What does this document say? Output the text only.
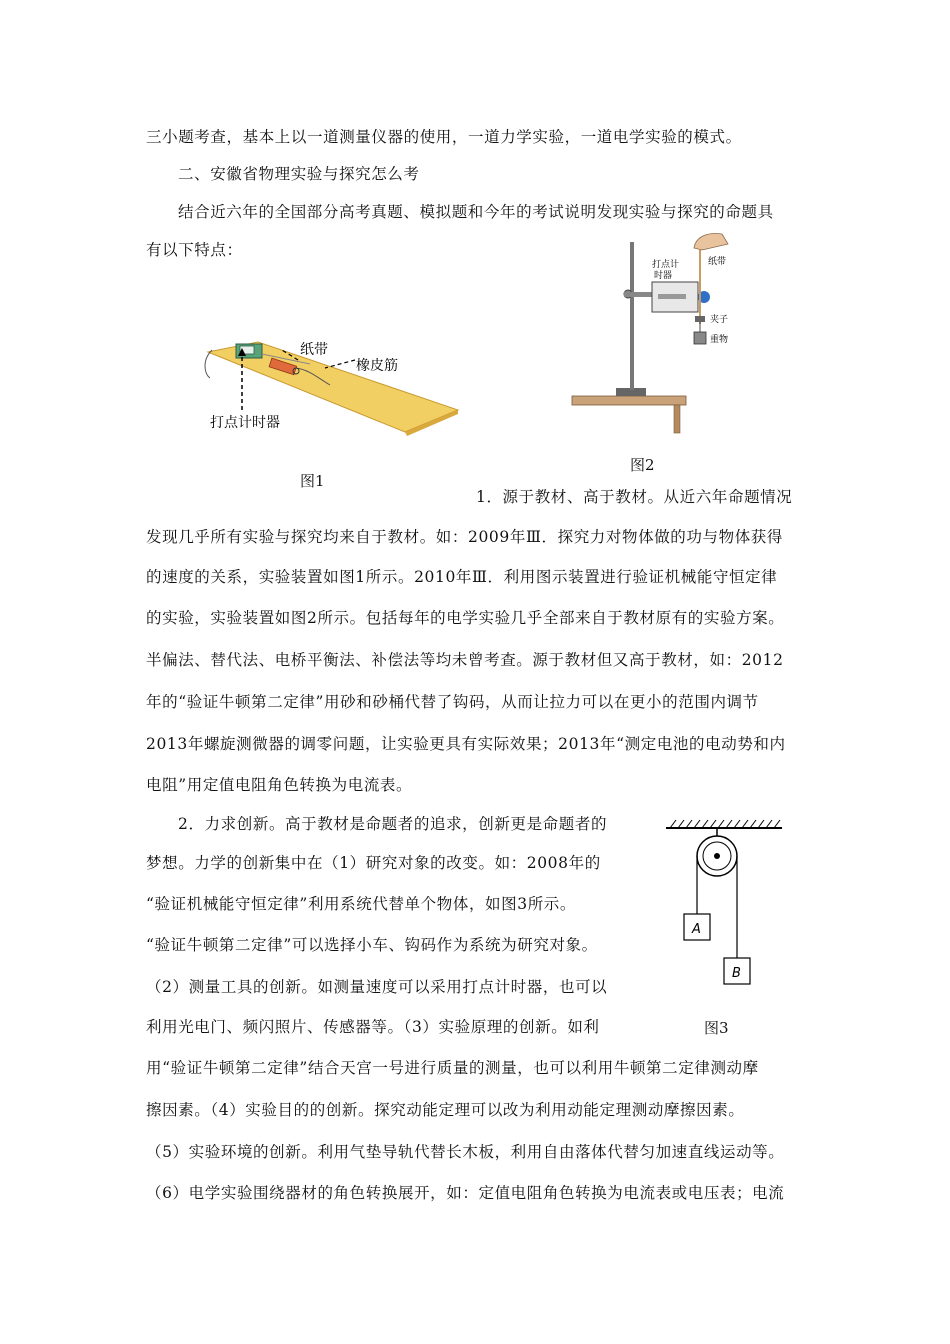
三小题考查，基本上以一道测量仪器的使用，一道力学实验，一道电学实验的模式。
二、安徽省物理实验与探究怎么考
结合近六年的全国部分高考真题、模拟题和今年的考试说明发现实验与探究的命题具
有以下特点：
1．源于教材、高于教材。从近六年命题情况
发现几乎所有实验与探究均来自于教材。如：2009年Ⅲ．探究力对物体做的功与物体获得
的速度的关系，实验装置如图1所示。2010年Ⅲ．利用图示装置进行验证机械能守恒定律
的实验，实验装置如图2所示。包括每年的电学实验几乎全部来自于教材原有的实验方案。
半偏法、替代法、电桥平衡法、补偿法等均未曾考查。源于教材但又高于教材，如：2012
年的“验证牛顿第二定律”用砂和砂桶代替了钩码，从而让拉力可以在更小的范围内调节
2013年螺旋测微器的调零问题，让实验更具有实际效果；2013年“测定电池的电动势和内
电阻”用定值电阻角色转换为电流表。
2．力求创新。高于教材是命题者的追求，创新更是命题者的
梦想。力学的创新集中在（1）研究对象的改变。如：2008年的
“验证机械能守恒定律”利用系统代替单个物体，如图3所示。
“验证牛顿第二定律”可以选择小车、钩码作为系统为研究对象。
（2）测量工具的创新。如测量速度可以采用打点计时器，也可以
利用光电门、频闪照片、传感器等。（3）实验原理的创新。如利
用“验证牛顿第二定律”结合天宫一号进行质量的测量，也可以利用牛顿第二定律测动摩
擦因素。（4）实验目的的创新。探究动能定理可以改为利用动能定理测动摩擦因素。
（5）实验环境的创新。利用气垫导轨代替长木板，利用自由落体代替匀加速直线运动等。
（6）电学实验围绕器材的角色转换展开，如：定值电阻角色转换为电流表或电压表；电流
纸带
橡皮筋
打点计时器
图1
打点计时器
纸带
夹子
重物
图2
A
B
图3
